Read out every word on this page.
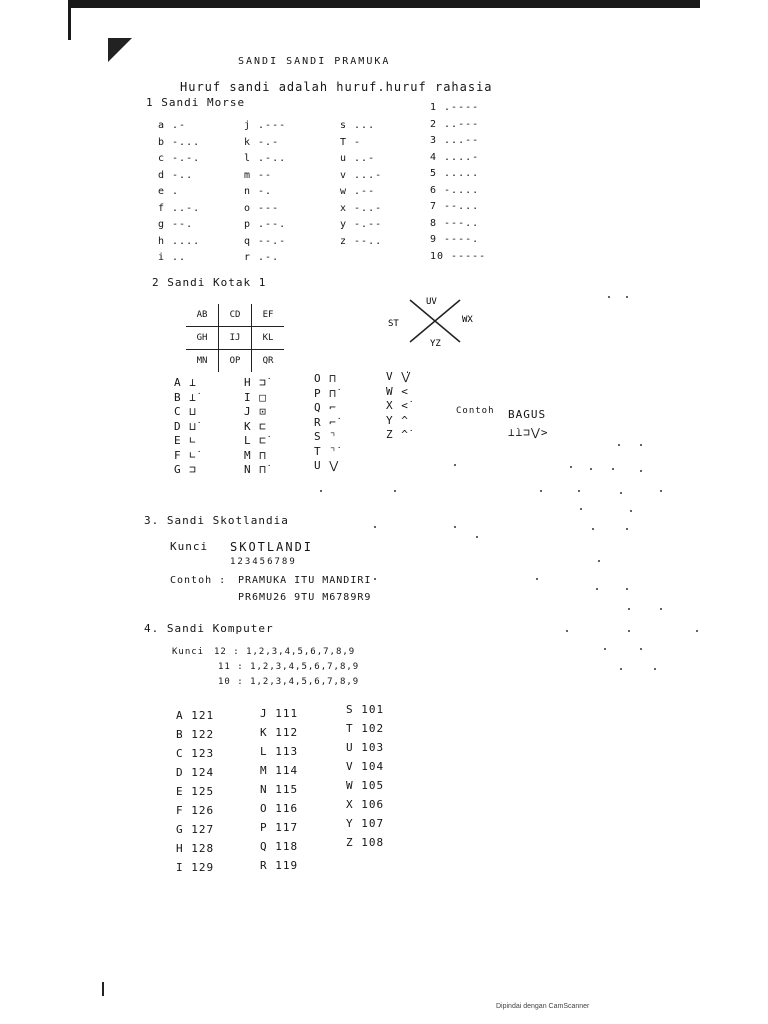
SANDI SANDI PRAMUKA
Huruf sandi adalah huruf.huruf rahasia
1 Sandi Morse
a .-
b -...
c -.-.
d -..
e .
f ..-.
g --.
h ....
i ..
j .---
k -.-
l .-..
m --
n -.
o ---
p .--.
q --.-
r .-.
s ...
T -
u ..-
v ...-
w .--
x -..-
y -.--
z --..
1 .----
2 ..---
3 ...--
4 ....-
5 .....
6 -....
7 --...
8 ---..
9 ----.
10 -----
2 Sandi Kotak 1
AB	CD	EF
GH	IJ	KL
MN	OP	QR
UV
ST	WX
YZ
A ⊥
B ⊥̇
C ⊔
D ⊔̇
E ∟
F ∟̇
G ⊐
H ⊐̇
I □
J ⊡
K ⊏
L ⊏̇
M ⊓
N ⊓̇
O ⊓
P ⊓̇
Q ⌐
R ⌐̇
S ⌝
T ⌝̇
U ⋁
V ⋁̇
W <
X <̇
Y ^
Z ^̇
Contoh BAGUS
⊥̇⊥⊐⋁>
3. Sandi Skotlandia
Kunci SKOTLANDI
123456789
Contoh : PRAMUKA ITU MANDIRI
PR6MU26 9TU M6789R9
4. Sandi Komputer
Kunci 12 : 1,2,3,4,5,6,7,8,9
11 : 1,2,3,4,5,6,7,8,9
10 : 1,2,3,4,5,6,7,8,9
A 121
B 122
C 123
D 124
E 125
F 126
G 127
H 128
I 129
J 111
K 112
L 113
M 114
N 115
O 116
P 117
Q 118
R 119
S 101
T 102
U 103
V 104
W 105
X 106
Y 107
Z 108
Dipindai dengan CamScanner
